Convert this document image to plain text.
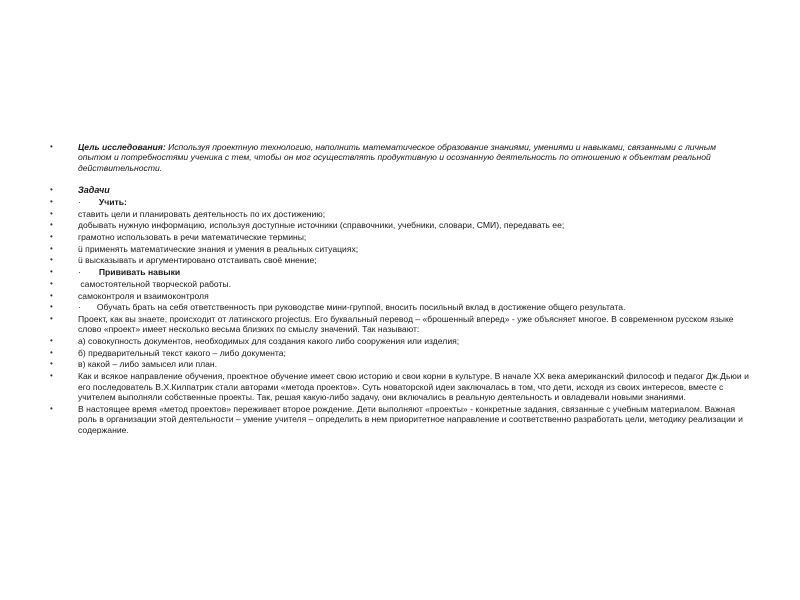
•	Цель исследования: Используя проектную технологию, наполнить математическое образование знаниями, умениями и навыками, связанными с личным опытом и потребностями ученика с тем, чтобы он мог осуществлять продуктивную и осознанную деятельность по отношению к объектам реальной действительности.
•	Задачи
•	· Учить:
•	ставить цели и планировать деятельность по их достижению;
•	добывать нужную информацию, используя доступные источники (справочники, учебники, словари, СМИ), передавать ее;
•	грамотно использовать в речи математические термины;
•	ü применять математические знания и умения в реальных ситуациях;
•	ü высказывать и аргументировано отстаивать своё мнение;
•	· Прививать навыки
•	самостоятельной творческой работы.
•	самоконтроля и взаимоконтроля
•	· Обучать брать на себя ответственность при руководстве мини-группой, вносить посильный вклад в достижение общего результата.
•	Проект, как вы знаете, происходит от латинского projectus. Его буквальный перевод – «брошенный вперед» - уже объясняет многое. В современном русском языке слово «проект» имеет несколько весьма близких по смыслу значений. Так называют:
•	а) совокупность документов, необходимых для создания какого либо сооружения или изделия;
•	б) предварительный текст какого – либо документа;
•	в) какой – либо замысел или план.
•	Как и всякое направление обучения, проектное обучение имеет свою историю и свои корни в культуре. В начале XX века американский философ и педагог Дж.Дьюи и его последователь В.Х.Килпатрик стали авторами «метода проектов». Суть новаторской идеи заключалась в том, что дети, исходя из своих интересов, вместе с учителем выполняли собственные проекты. Так, решая какую-либо задачу, они включались в реальную деятельность и овладевали новыми знаниями.
•	В настоящее время «метод проектов» переживает второе рождение. Дети выполняют «проекты» - конкретные задания, связанные с учебным материалом. Важная роль в организации этой деятельности – умение учителя – определить в нем приоритетное направление и соответственно разработать цели, методику реализации и содержание.
